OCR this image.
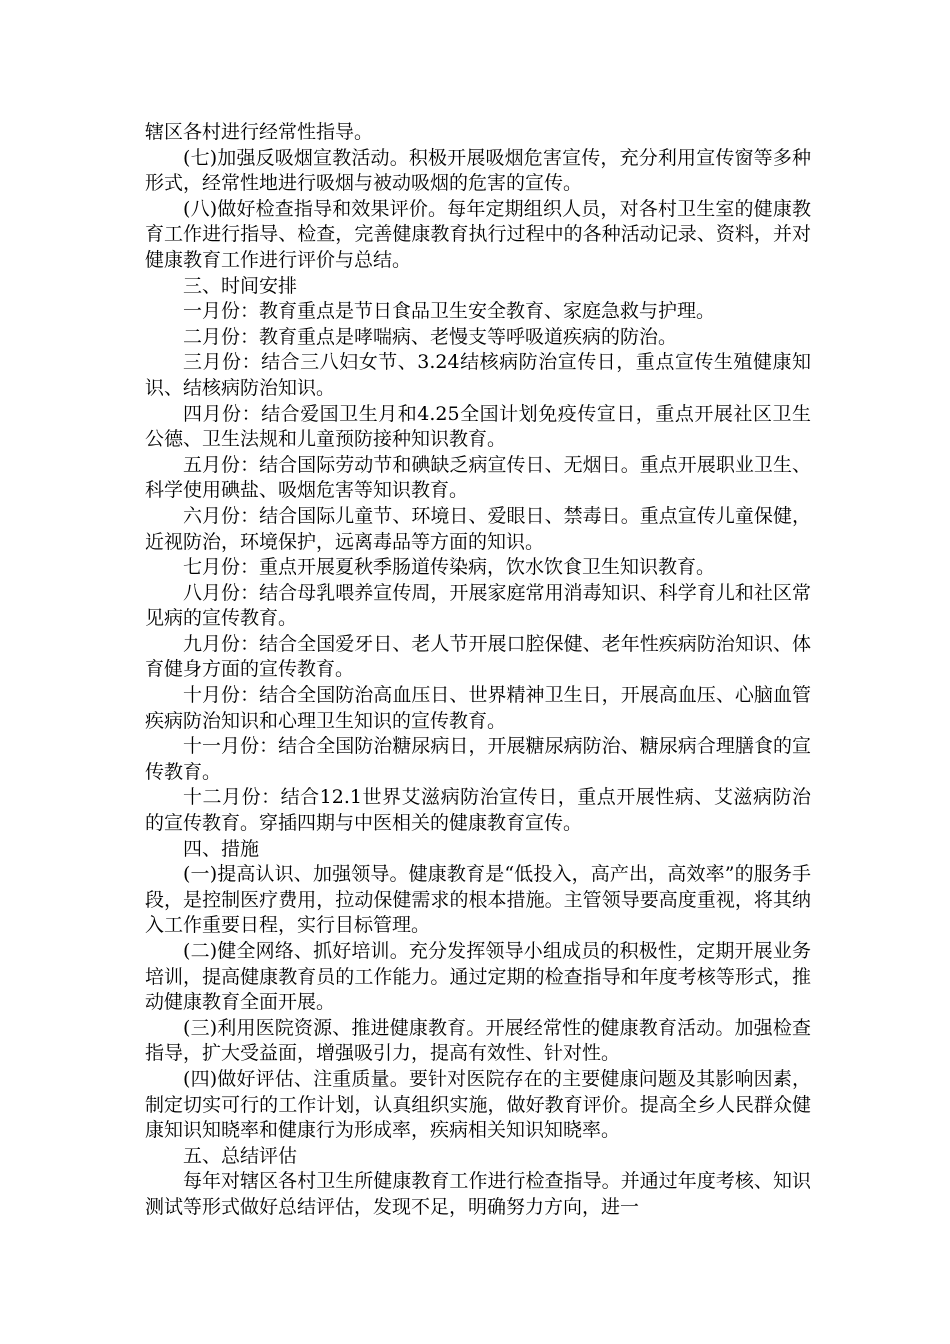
辖区各村进行经常性指导。

(七)加强反吸烟宣教活动。积极开展吸烟危害宣传，充分利用宣传窗等多种形式，经常性地进行吸烟与被动吸烟的危害的宣传。

(八)做好检查指导和效果评价。每年定期组织人员，对各村卫生室的健康教育工作进行指导、检查，完善健康教育执行过程中的各种活动记录、资料，并对健康教育工作进行评价与总结。

三、时间安排

一月份：教育重点是节日食品卫生安全教育、家庭急救与护理。

二月份：教育重点是哮喘病、老慢支等呼吸道疾病的防治。

三月份：结合三八妇女节、3.24结核病防治宣传日，重点宣传生殖健康知识、结核病防治知识。

四月份：结合爱国卫生月和4.25全国计划免疫传宣日，重点开展社区卫生公德、卫生法规和儿童预防接种知识教育。

五月份：结合国际劳动节和碘缺乏病宣传日、无烟日。重点开展职业卫生、科学使用碘盐、吸烟危害等知识教育。

六月份：结合国际儿童节、环境日、爱眼日、禁毒日。重点宣传儿童保健，近视防治，环境保护，远离毒品等方面的知识。

七月份：重点开展夏秋季肠道传染病，饮水饮食卫生知识教育。

八月份：结合母乳喂养宣传周，开展家庭常用消毒知识、科学育儿和社区常见病的宣传教育。

九月份：结合全国爱牙日、老人节开展口腔保健、老年性疾病防治知识、体育健身方面的宣传教育。

十月份：结合全国防治高血压日、世界精神卫生日，开展高血压、心脑血管疾病防治知识和心理卫生知识的宣传教育。

十一月份：结合全国防治糖尿病日，开展糖尿病防治、糖尿病合理膳食的宣传教育。

十二月份：结合12.1世界艾滋病防治宣传日，重点开展性病、艾滋病防治的宣传教育。穿插四期与中医相关的健康教育宣传。

四、措施

(一)提高认识、加强领导。健康教育是“低投入，高产出，高效率”的服务手段，是控制医疗费用，拉动保健需求的根本措施。主管领导要高度重视，将其纳入工作重要日程，实行目标管理。

(二)健全网络、抓好培训。充分发挥领导小组成员的积极性，定期开展业务培训，提高健康教育员的工作能力。通过定期的检查指导和年度考核等形式，推动健康教育全面开展。

(三)利用医院资源、推进健康教育。开展经常性的健康教育活动。加强检查指导，扩大受益面，增强吸引力，提高有效性、针对性。

(四)做好评估、注重质量。要针对医院存在的主要健康问题及其影响因素，制定切实可行的工作计划，认真组织实施，做好教育评价。提高全乡人民群众健康知识知晓率和健康行为形成率，疾病相关知识知晓率。

五、总结评估

每年对辖区各村卫生所健康教育工作进行检查指导。并通过年度考核、知识测试等形式做好总结评估，发现不足，明确努力方向，进一
